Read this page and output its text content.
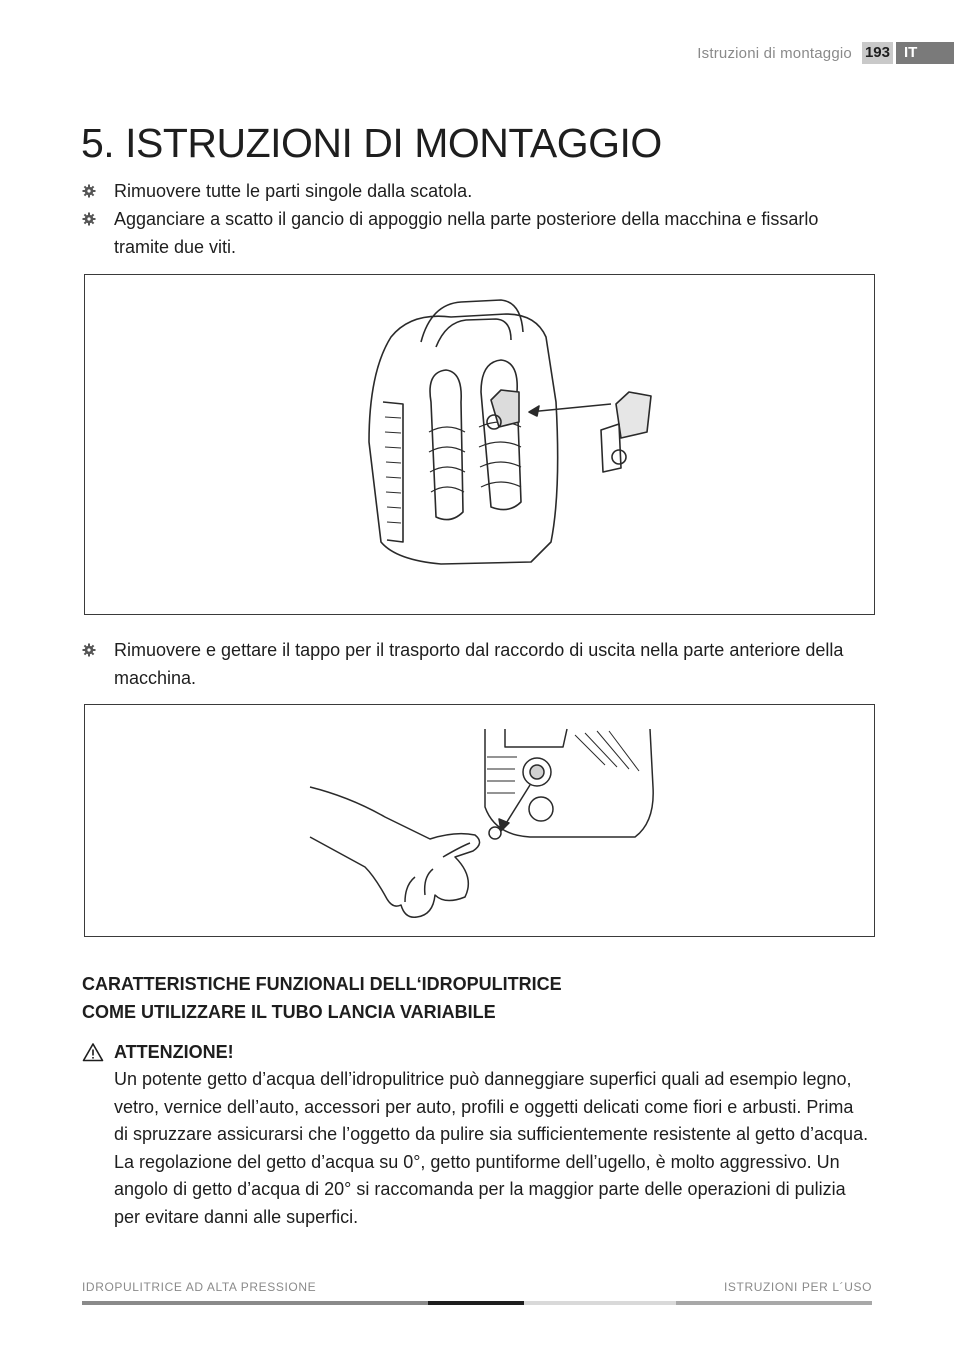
Istruzioni di montaggio 193 IT
5. ISTRUZIONI DI MONTAGGIO
Rimuovere tutte le parti singole dalla scatola.
Agganciare a scatto il gancio di appoggio nella parte posteriore della macchina e fissarlo tramite due viti.
Rimuovere e gettare il tappo per il trasporto dal raccordo di uscita nella parte anteriore della macchina.
CARATTERISTICHE FUNZIONALI DELL‘IDROPULITRICE
COME UTILIZZARE IL TUBO LANCIA VARIABILE
ATTENZIONE!

Un potente getto d’acqua dell’idropulitrice può danneggiare superfici quali ad esempio legno, vetro, vernice dell’auto, accessori per auto, profili e oggetti delicati come fiori e arbusti. Prima di spruzzare assicurarsi che l’oggetto da pulire sia sufficientemente resistente al getto d’acqua. La regolazione del getto d’acqua su 0°, getto puntiforme dell’ugello, è molto aggressivo. Un angolo di getto d’acqua di 20° si raccomanda per la maggior parte delle operazioni di pulizia per evitare danni alle superfici.

IDROPULITRICE AD ALTA PRESSIONE	ISTRUZIONI PER L´USO
